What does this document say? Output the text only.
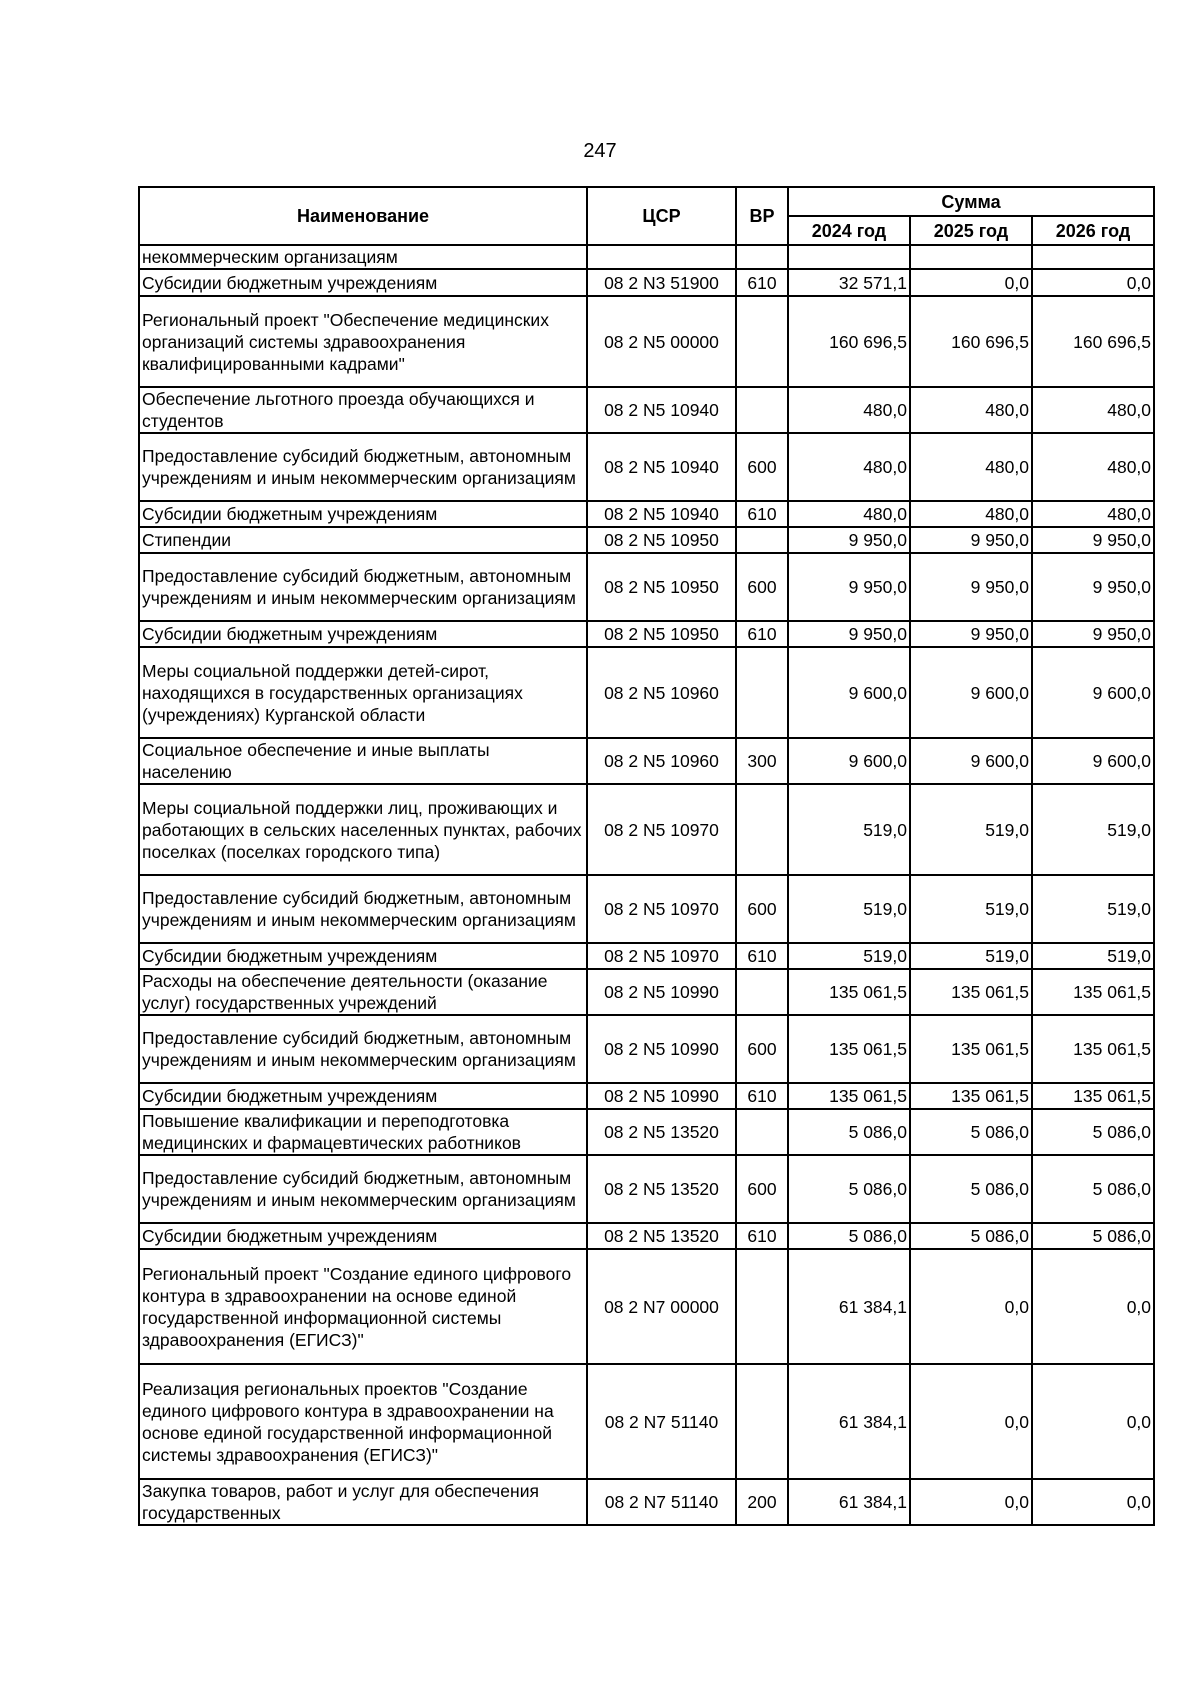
247
Наименование	ЦСР	ВР	Сумма		
			2024 год	2025 год	2026 год
некоммерческим организациям					
Субсидии бюджетным учреждениям	08 2 N3 51900	610	32 571,1	0,0	0,0
Региональный проект "Обеспечение медицинских организаций системы здравоохранения квалифицированными кадрами"	08 2 N5 00000		160 696,5	160 696,5	160 696,5
Обеспечение льготного проезда обучающихся и студентов	08 2 N5 10940		480,0	480,0	480,0
Предоставление субсидий бюджетным, автономным учреждениям и иным некоммерческим организациям	08 2 N5 10940	600	480,0	480,0	480,0
Субсидии бюджетным учреждениям	08 2 N5 10940	610	480,0	480,0	480,0
Стипендии	08 2 N5 10950		9 950,0	9 950,0	9 950,0
Предоставление субсидий бюджетным, автономным учреждениям и иным некоммерческим организациям	08 2 N5 10950	600	9 950,0	9 950,0	9 950,0
Субсидии бюджетным учреждениям	08 2 N5 10950	610	9 950,0	9 950,0	9 950,0
Меры социальной поддержки детей-сирот, находящихся в государственных организациях (учреждениях) Курганской области	08 2 N5 10960		9 600,0	9 600,0	9 600,0
Социальное обеспечение и иные выплаты населению	08 2 N5 10960	300	9 600,0	9 600,0	9 600,0
Меры социальной поддержки лиц, проживающих и работающих в сельских населенных пунктах, рабочих поселках (поселках городского типа)	08 2 N5 10970		519,0	519,0	519,0
Предоставление субсидий бюджетным, автономным учреждениям и иным некоммерческим организациям	08 2 N5 10970	600	519,0	519,0	519,0
Субсидии бюджетным учреждениям	08 2 N5 10970	610	519,0	519,0	519,0
Расходы на обеспечение деятельности (оказание услуг) государственных учреждений	08 2 N5 10990		135 061,5	135 061,5	135 061,5
Предоставление субсидий бюджетным, автономным учреждениям и иным некоммерческим организациям	08 2 N5 10990	600	135 061,5	135 061,5	135 061,5
Субсидии бюджетным учреждениям	08 2 N5 10990	610	135 061,5	135 061,5	135 061,5
Повышение квалификации и переподготовка медицинских и фармацевтических работников	08 2 N5 13520		5 086,0	5 086,0	5 086,0
Предоставление субсидий бюджетным, автономным учреждениям и иным некоммерческим организациям	08 2 N5 13520	600	5 086,0	5 086,0	5 086,0
Субсидии бюджетным учреждениям	08 2 N5 13520	610	5 086,0	5 086,0	5 086,0
Региональный проект "Создание единого цифрового контура в здравоохранении на основе единой государственной информационной системы здравоохранения (ЕГИСЗ)"	08 2 N7 00000		61 384,1	0,0	0,0
Реализация региональных проектов "Создание единого цифрового контура в здравоохранении на основе единой государственной информационной системы здравоохранения (ЕГИСЗ)"	08 2 N7 51140		61 384,1	0,0	0,0
Закупка товаров, работ и услуг для обеспечения государственных	08 2 N7 51140	200	61 384,1	0,0	0,0
